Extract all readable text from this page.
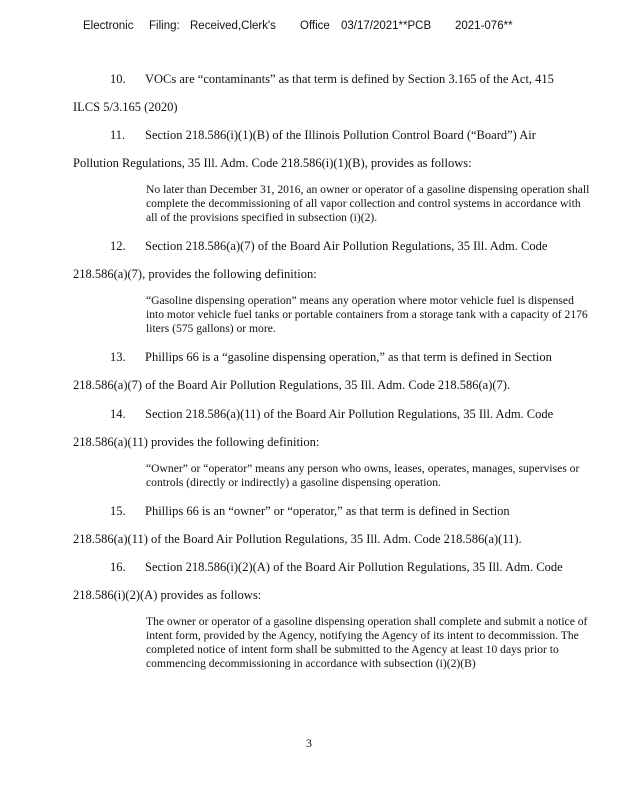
Electronic Filing: Received,Clerk's Office 03/17/2021**PCB 2021-076**
10. VOCs are “contaminants” as that term is defined by Section 3.165 of the Act, 415
ILCS 5/3.165 (2020)
11. Section 218.586(i)(1)(B) of the Illinois Pollution Control Board (“Board”) Air
Pollution Regulations, 35 Ill. Adm. Code 218.586(i)(1)(B), provides as follows:

No later than December 31, 2016, an owner or operator of a gasoline dispensing operation shall complete the decommissioning of all vapor collection and control systems in accordance with all of the provisions specified in subsection (i)(2).

12. Section 218.586(a)(7) of the Board Air Pollution Regulations, 35 Ill. Adm. Code
218.586(a)(7), provides the following definition:

“Gasoline dispensing operation” means any operation where motor vehicle fuel is dispensed into motor vehicle fuel tanks or portable containers from a storage tank with a capacity of 2176 liters (575 gallons) or more.

13. Phillips 66 is a “gasoline dispensing operation,” as that term is defined in Section
218.586(a)(7) of the Board Air Pollution Regulations, 35 Ill. Adm. Code 218.586(a)(7).
14. Section 218.586(a)(11) of the Board Air Pollution Regulations, 35 Ill. Adm. Code
218.586(a)(11) provides the following definition:

“Owner” or “operator” means any person who owns, leases, operates, manages, supervises or controls (directly or indirectly) a gasoline dispensing operation.

15. Phillips 66 is an “owner” or “operator,” as that term is defined in Section
218.586(a)(11) of the Board Air Pollution Regulations, 35 Ill. Adm. Code 218.586(a)(11).
16. Section 218.586(i)(2)(A) of the Board Air Pollution Regulations, 35 Ill. Adm. Code
218.586(i)(2)(A) provides as follows:

The owner or operator of a gasoline dispensing operation shall complete and submit a notice of intent form, provided by the Agency, notifying the Agency of its intent to decommission. The completed notice of intent form shall be submitted to the Agency at least 10 days prior to commencing decommissioning in accordance with subsection (i)(2)(B)

3
